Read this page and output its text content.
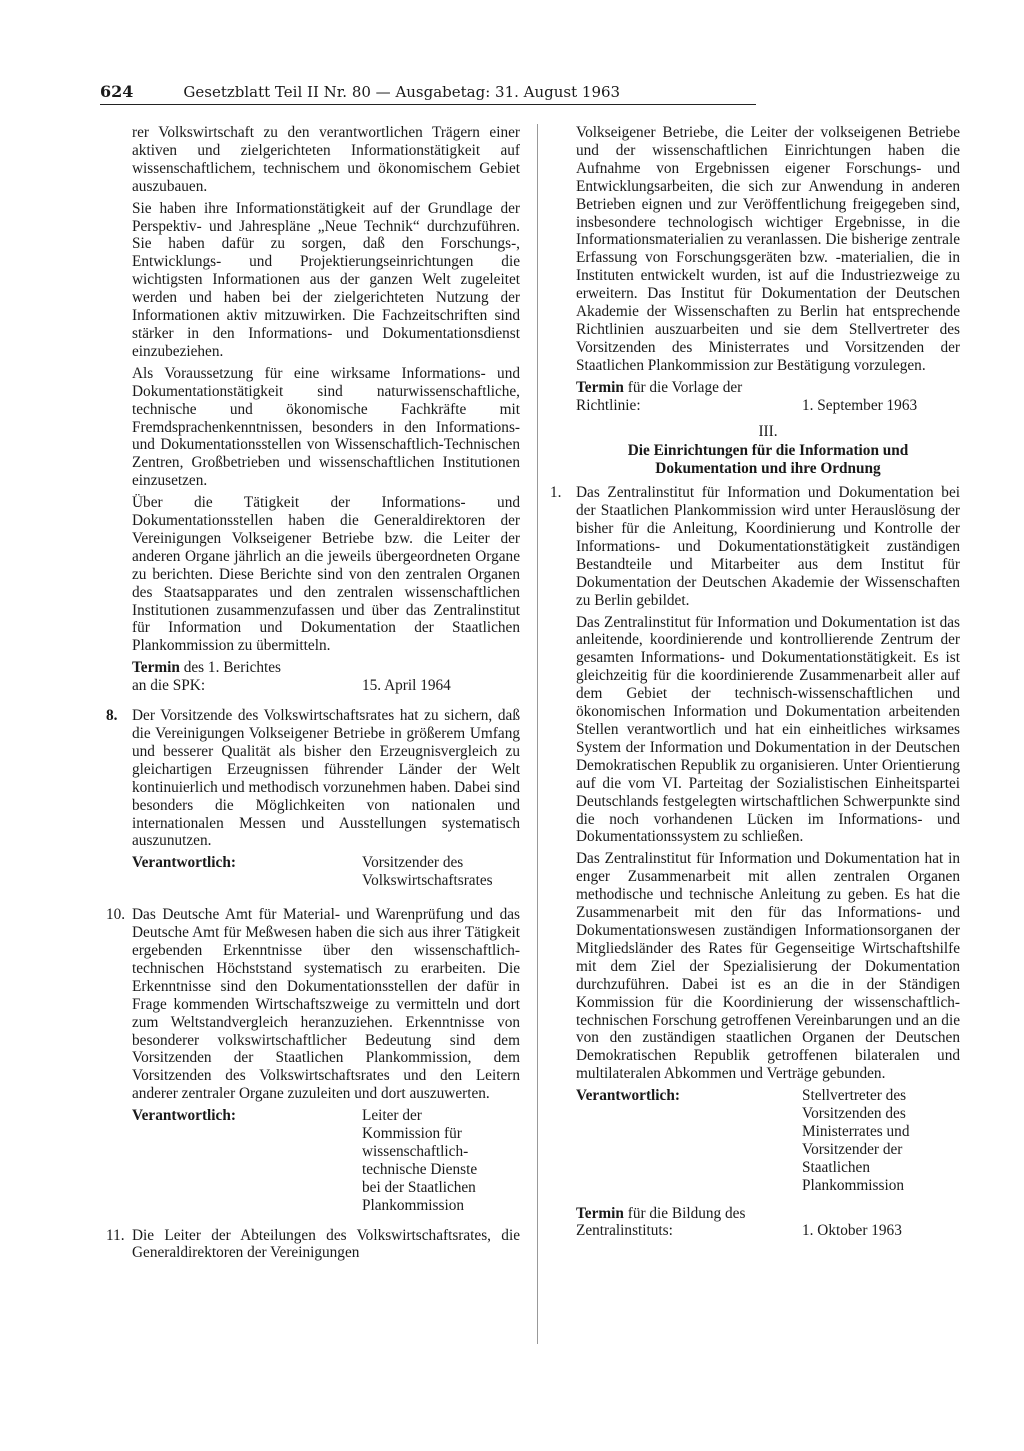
624	Gesetzblatt Teil II Nr. 80 — Ausgabetag: 31. August 1963

rer Volkswirtschaft zu den verantwortlichen Trägern einer aktiven und zielgerichteten Informationstätigkeit auf wissenschaftlichem, technischem und ökonomischem Gebiet auszubauen.

Sie haben ihre Informationstätigkeit auf der Grundlage der Perspektiv- und Jahrespläne „Neue Technik“ durchzuführen. Sie haben dafür zu sorgen, daß den Forschungs-, Entwicklungs- und Projektierungseinrichtungen die wichtigsten Informationen aus der ganzen Welt zugeleitet werden und haben bei der zielgerichteten Nutzung der Informationen aktiv mitzuwirken. Die Fachzeitschriften sind stärker in den Informations- und Dokumentationsdienst einzubeziehen.

Als Voraussetzung für eine wirksame Informations- und Dokumentationstätigkeit sind naturwissenschaftliche, technische und ökonomische Fachkräfte mit Fremdsprachenkenntnissen, besonders in den Informations- und Dokumentationsstellen von Wissenschaftlich-Technischen Zentren, Großbetrieben und wissenschaftlichen Institutionen einzusetzen.

Über die Tätigkeit der Informations- und Dokumentationsstellen haben die Generaldirektoren der Vereinigungen Volkseigener Betriebe bzw. die Leiter der anderen Organe jährlich an die jeweils übergeordneten Organe zu berichten. Diese Berichte sind von den zentralen Organen des Staatsapparates und den zentralen wissenschaftlichen Institutionen zusammenzufassen und über das Zentralinstitut für Information und Dokumentation der Staatlichen Plankommission zu übermitteln.

Termin des 1. Berichtes
an die SPK:	15. April 1964
8. Der Vorsitzende des Volkswirtschaftsrates hat zu sichern, daß die Vereinigungen Volkseigener Betriebe in größerem Umfang und besserer Qualität als bisher den Erzeugnisvergleich zu gleichartigen Erzeugnissen führender Länder der Welt kontinuierlich und methodisch vorzunehmen haben. Dabei sind besonders die Möglichkeiten von nationalen und internationalen Messen und Ausstellungen systematisch auszunutzen.

Verantwortlich:	Vorsitzender des Volkswirtschaftsrates
10. Das Deutsche Amt für Material- und Warenprüfung und das Deutsche Amt für Meßwesen haben die sich aus ihrer Tätigkeit ergebenden Erkenntnisse über den wissenschaftlich-technischen Höchststand systematisch zu erarbeiten. Die Erkenntnisse sind den Dokumentationsstellen der dafür in Frage kommenden Wirtschaftszweige zu vermitteln und dort zum Weltstandvergleich heranzuziehen. Erkenntnisse von besonderer volkswirtschaftlicher Bedeutung sind dem Vorsitzenden der Staatlichen Plankommission, dem Vorsitzenden des Volkswirtschaftsrates und den Leitern anderer zentraler Organe zuzuleiten und dort auszuwerten.

Verantwortlich:	Leiter der Kommission für wissenschaftlich-technische Dienste bei der Staatlichen Plankommission
11. Die Leiter der Abteilungen des Volkswirtschaftsrates, die Generaldirektoren der Vereinigungen

Volkseigener Betriebe, die Leiter der volkseigenen Betriebe und der wissenschaftlichen Einrichtungen haben die Aufnahme von Ergebnissen eigener Forschungs- und Entwicklungsarbeiten, die sich zur Anwendung in anderen Betrieben eignen und zur Veröffentlichung freigegeben sind, insbesondere technologisch wichtiger Ergebnisse, in die Informationsmaterialien zu veranlassen. Die bisherige zentrale Erfassung von Forschungsgeräten bzw. -materialien, die in Instituten entwickelt wurden, ist auf die Industriezweige zu erweitern. Das Institut für Dokumentation der Deutschen Akademie der Wissenschaften zu Berlin hat entsprechende Richtlinien auszuarbeiten und sie dem Stellvertreter des Vorsitzenden des Ministerrates und Vorsitzenden der Staatlichen Plankommission zur Bestätigung vorzulegen.

Termin für die Vorlage der
Richtlinie:	1. September 1963
III.
Die Einrichtungen für die Information und
Dokumentation und ihre Ordnung
1. Das Zentralinstitut für Information und Dokumentation bei der Staatlichen Plankommission wird unter Herauslösung der bisher für die Anleitung, Koordinierung und Kontrolle der Informations- und Dokumentationstätigkeit zuständigen Bestandteile und Mitarbeiter aus dem Institut für Dokumentation der Deutschen Akademie der Wissenschaften zu Berlin gebildet.

Das Zentralinstitut für Information und Dokumentation ist das anleitende, koordinierende und kontrollierende Zentrum der gesamten Informations- und Dokumentationstätigkeit. Es ist gleichzeitig für die koordinierende Zusammenarbeit aller auf dem Gebiet der technisch-wissenschaftlichen und ökonomischen Information und Dokumentation arbeitenden Stellen verantwortlich und hat ein einheitliches wirksames System der Information und Dokumentation in der Deutschen Demokratischen Republik zu organisieren. Unter Orientierung auf die vom VI. Parteitag der Sozialistischen Einheitspartei Deutschlands festgelegten wirtschaftlichen Schwerpunkte sind die noch vorhandenen Lücken im Informations- und Dokumentationssystem zu schließen.

Das Zentralinstitut für Information und Dokumentation hat in enger Zusammenarbeit mit allen zentralen Organen methodische und technische Anleitung zu geben. Es hat die Zusammenarbeit mit den für das Informations- und Dokumentationswesen zuständigen Informationsorganen der Mitgliedsländer des Rates für Gegenseitige Wirtschaftshilfe mit dem Ziel der Spezialisierung der Dokumentation durchzuführen. Dabei ist es an die in der Ständigen Kommission für die Koordinierung der wissenschaftlich-technischen Forschung getroffenen Vereinbarungen und an die von den zuständigen staatlichen Organen der Deutschen Demokratischen Republik getroffenen bilateralen und multilateralen Abkommen und Verträge gebunden.

Verantwortlich:	Stellvertreter des Vorsitzenden des Ministerrates und Vorsitzender der Staatlichen Plankommission
Termin für die Bildung des
Zentralinstituts:	1. Oktober 1963
